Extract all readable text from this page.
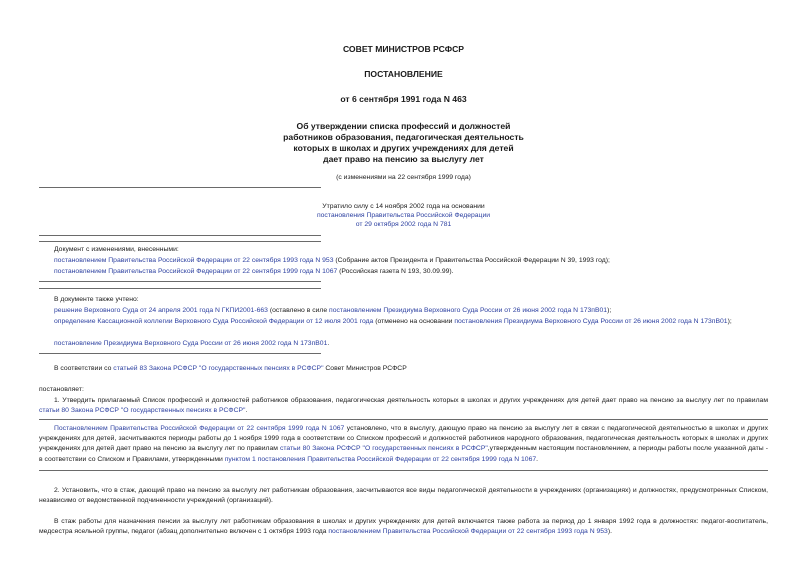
СОВЕТ МИНИСТРОВ РСФСР
ПОСТАНОВЛЕНИЕ
от 6 сентября 1991 года N 463
Об утверждении списка профессий и должностей
работников образования, педагогическая деятельность
которых в школах и других учреждениях для детей
дает право на пенсию за выслугу лет
(с изменениями на 22 сентября 1999 года)
Утратило силу с 14 ноября 2002 года на основании
постановления Правительства Российской Федерации
от 29 октября 2002 года N 781
Документ с изменениями, внесенными:
постановлением Правительства Российской Федерации от 22 сентября 1993 года N 953 (Собрание актов Президента и Правительства Российской Федерации N 39, 1993 год);
постановлением Правительства Российской Федерации от 22 сентября 1999 года N 1067 (Российская газета N 193, 30.09.99).
В документе также учтено:
решение Верховного Суда от 24 апреля 2001 года N ГКПИ2001-663 (оставлено в силе постановлением Президиума Верховного Суда России от 26 июня 2002 года N 173пВ01);
определение Кассационной коллегии Верховного Суда Российской Федерации от 12 июля 2001 года (отменено на основании постановления Президиума Верховного Суда России от 26 июня 2002 года N 173пВ01);
постановление Президиума Верховного Суда России от 26 июня 2002 года N 173пВ01.
В соответствии со статьей 83 Закона РСФСР "О государственных пенсиях в РСФСР" Совет Министров РСФСР
постановляет:
1. Утвердить прилагаемый Список профессий и должностей работников образования, педагогическая деятельность которых в школах и других учреждениях для детей дает право на пенсию за выслугу лет по правилам статьи 80 Закона РСФСР "О государственных пенсиях в РСФСР".
Постановлением Правительства Российской Федерации от 22 сентября 1999 года N 1067 установлено, что в выслугу, дающую право на пенсию за выслугу лет в связи с педагогической деятельностью в школах и других учреждениях для детей, засчитываются периоды работы до 1 ноября 1999 года в соответствии со Списком профессий и должностей работников народного образования, педагогическая деятельность которых в школах и других учреждениях для детей дает право на пенсию за выслугу лет по правилам статьи 80 Закона РСФСР "О государственных пенсиях в РСФСР",утвержденным настоящим постановлением, а периоды работы после указанной даты - в соответствии со Списком и Правилами, утвержденными пунктом 1 постановления Правительства Российской Федерации от 22 сентября 1999 года N 1067.
2. Установить, что в стаж, дающий право на пенсию за выслугу лет работникам образования, засчитываются все виды педагогической деятельности в учреждениях (организациях) и должностях, предусмотренных Списком, независимо от ведомственной подчиненности учреждений (организаций).
В стаж работы для назначения пенсии за выслугу лет работникам образования в школах и других учреждениях для детей включается также работа за период до 1 января 1992 года в должностях: педагог-воспитатель, медсестра ясельной группы, педагог (абзац дополнительно включен с 1 октября 1993 года постановлением Правительства Российской Федерации от 22 сентября 1993 года N 953).
